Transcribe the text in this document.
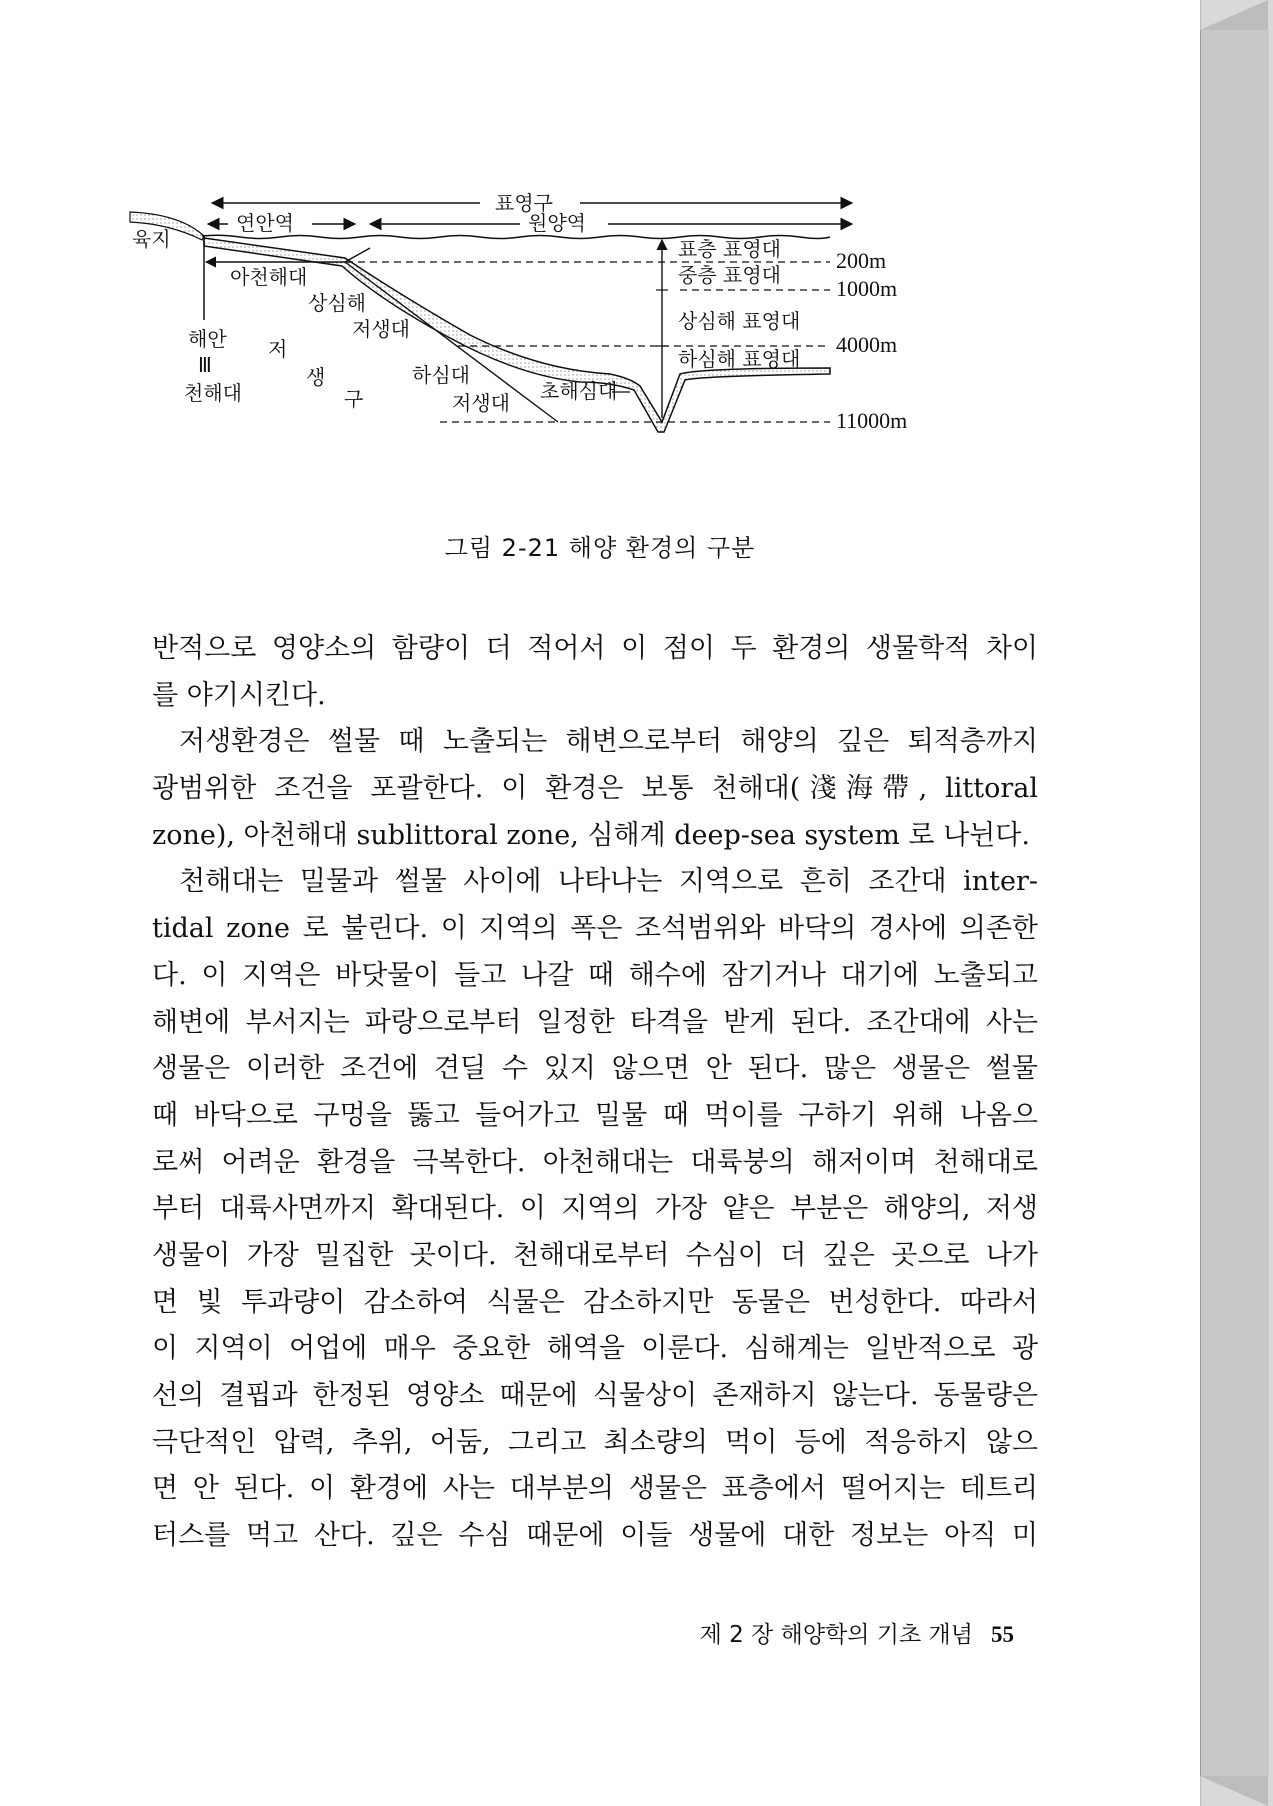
표영구
연안역	원양역
육지
아천해대
상심해
저생대
해안
Ⅲ
천해대
저
생
구
하심대
저생대 초해심대
표층 표영대
중층 표영대
상심해 표영대
하심해 표영대
200m
1000m
4000m
11000m
그림 2-21 해양 환경의 구분
반적으로 영양소의 함량이 더 적어서 이 점이 두 환경의 생물학적 차이
를 야기시킨다.
저생환경은 썰물 때 노출되는 해변으로부터 해양의 깊은 퇴적층까지
광범위한 조건을 포괄한다. 이 환경은 보통 천해대(淺海帶, littoral
zone), 아천해대 sublittoral zone, 심해계 deep-sea system 로 나뉜다.
천해대는 밀물과 썰물 사이에 나타나는 지역으로 흔히 조간대 inter-
tidal zone 로 불린다. 이 지역의 폭은 조석범위와 바닥의 경사에 의존한
다. 이 지역은 바닷물이 들고 나갈 때 해수에 잠기거나 대기에 노출되고
해변에 부서지는 파랑으로부터 일정한 타격을 받게 된다. 조간대에 사는
생물은 이러한 조건에 견딜 수 있지 않으면 안 된다. 많은 생물은 썰물
때 바닥으로 구멍을 뚫고 들어가고 밀물 때 먹이를 구하기 위해 나옴으
로써 어려운 환경을 극복한다. 아천해대는 대륙붕의 해저이며 천해대로
부터 대륙사면까지 확대된다. 이 지역의 가장 얕은 부분은 해양의, 저생
생물이 가장 밀집한 곳이다. 천해대로부터 수심이 더 깊은 곳으로 나가
면 빛 투과량이 감소하여 식물은 감소하지만 동물은 번성한다. 따라서
이 지역이 어업에 매우 중요한 해역을 이룬다. 심해계는 일반적으로 광
선의 결핍과 한정된 영양소 때문에 식물상이 존재하지 않는다. 동물량은
극단적인 압력, 추위, 어둠, 그리고 최소량의 먹이 등에 적응하지 않으
면 안 된다. 이 환경에 사는 대부분의 생물은 표층에서 떨어지는 테트리
터스를 먹고 산다. 깊은 수심 때문에 이들 생물에 대한 정보는 아직 미
제 2 장 해양학의 기초 개념 55
